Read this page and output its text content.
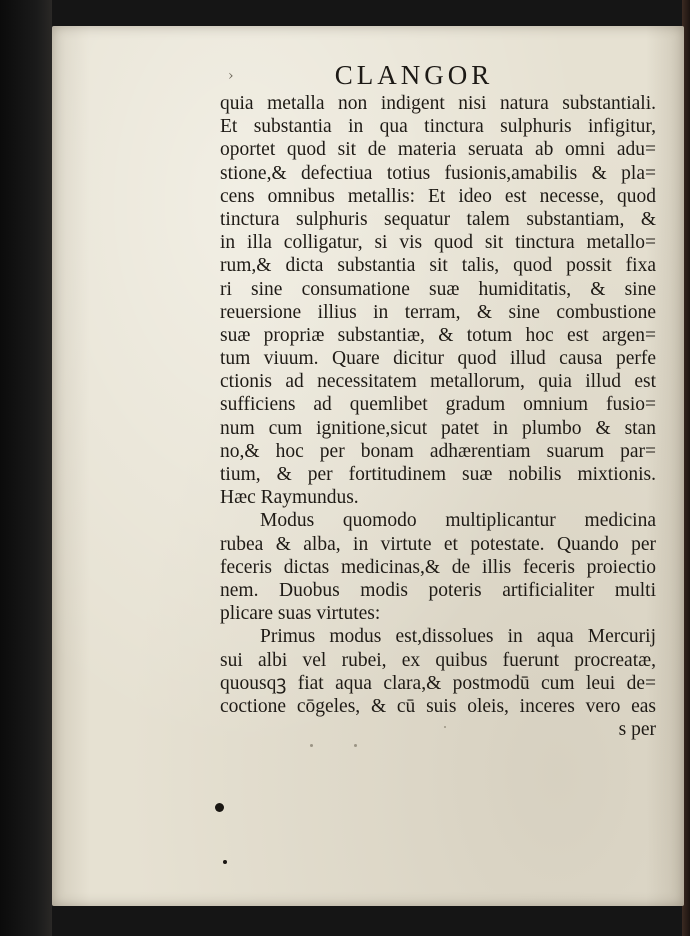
›	CLANGOR
quia metalla non indigent nisi natura substantiali.
Et substantia in qua tinctura sulphuris infigitur,
oportet quod sit de materia seruata ab omni adu=
stione,& defectiua totius fusionis,amabilis & pla=
cens omnibus metallis: Et ideo est necesse, quod
tinctura sulphuris sequatur talem substantiam, &
in illa colligatur, si vis quod sit tinctura metallo=
rum,& dicta substantia sit talis, quod possit fixa
ri sine consumatione suæ humiditatis, & sine
reuersione illius in terram, & sine combustione
suæ propriæ substantiæ, & totum hoc est argen=
tum viuum. Quare dicitur quod illud causa perfe
ctionis ad necessitatem metallorum, quia illud est
sufficiens ad quemlibet gradum omnium fusio=
num cum ignitione,sicut patet in plumbo & stan
no,& hoc per bonam adhærentiam suarum par=
tium, & per fortitudinem suæ nobilis mixtionis.
Hæc Raymundus.
Modus quomodo multiplicantur medicina
rubea & alba, in virtute et potestate. Quando per
feceris dictas medicinas,& de illis feceris proiectio
nem. Duobus modis poteris artificialiter multi
plicare suas virtutes:
Primus modus est,dissolues in aqua Mercurij
sui albi vel rubei, ex quibus fuerunt procreatæ,
quousqꝫ fiat aqua clara,& postmodū cum leui de=
coctione cōgeles, & cū suis oleis, inceres vero eas
s per
